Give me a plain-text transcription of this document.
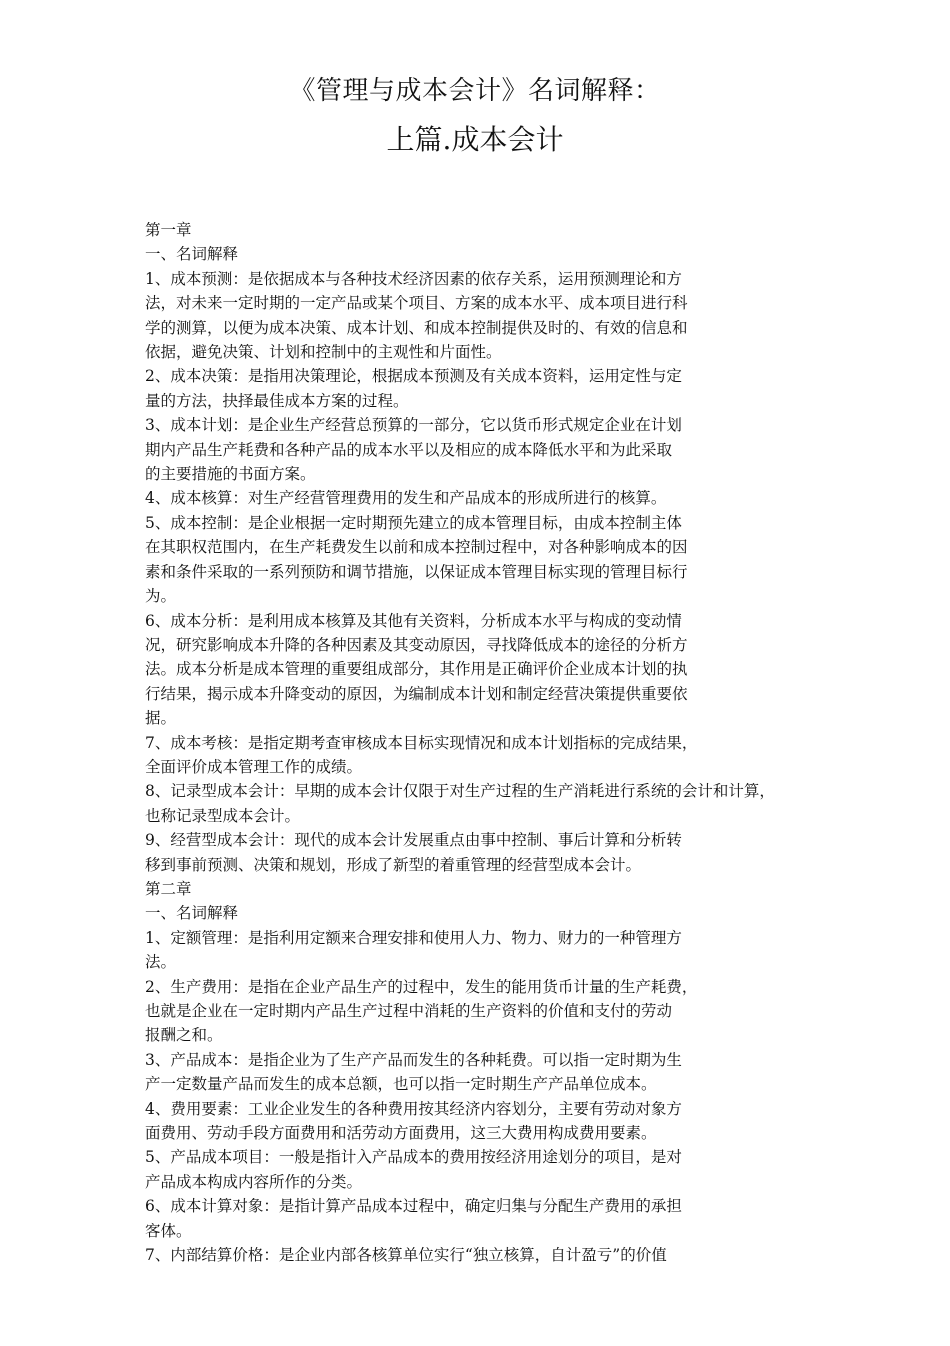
《管理与成本会计》名词解释：
上篇.成本会计
第一章
一、名词解释
1、成本预测：是依据成本与各种技术经济因素的依存关系，运用预测理论和方
法，对未来一定时期的一定产品或某个项目、方案的成本水平、成本项目进行科
学的测算，以便为成本决策、成本计划、和成本控制提供及时的、有效的信息和
依据，避免决策、计划和控制中的主观性和片面性。
2、成本决策：是指用决策理论，根据成本预测及有关成本资料，运用定性与定
量的方法，抉择最佳成本方案的过程。
3、成本计划：是企业生产经营总预算的一部分，它以货币形式规定企业在计划
期内产品生产耗费和各种产品的成本水平以及相应的成本降低水平和为此采取
的主要措施的书面方案。
4、成本核算：对生产经营管理费用的发生和产品成本的形成所进行的核算。
5、成本控制：是企业根据一定时期预先建立的成本管理目标，由成本控制主体
在其职权范围内，在生产耗费发生以前和成本控制过程中，对各种影响成本的因
素和条件采取的一系列预防和调节措施，以保证成本管理目标实现的管理目标行
为。
6、成本分析：是利用成本核算及其他有关资料，分析成本水平与构成的变动情
况，研究影响成本升降的各种因素及其变动原因，寻找降低成本的途径的分析方
法。成本分析是成本管理的重要组成部分，其作用是正确评价企业成本计划的执
行结果，揭示成本升降变动的原因，为编制成本计划和制定经营决策提供重要依
据。
7、成本考核：是指定期考查审核成本目标实现情况和成本计划指标的完成结果，
全面评价成本管理工作的成绩。
8、记录型成本会计：早期的成本会计仅限于对生产过程的生产消耗进行系统的会计和计算，
也称记录型成本会计。
9、经营型成本会计：现代的成本会计发展重点由事中控制、事后计算和分析转
移到事前预测、决策和规划，形成了新型的着重管理的经营型成本会计。
第二章
一、名词解释
1、定额管理：是指利用定额来合理安排和使用人力、物力、财力的一种管理方
法。
2、生产费用：是指在企业产品生产的过程中，发生的能用货币计量的生产耗费，
也就是企业在一定时期内产品生产过程中消耗的生产资料的价值和支付的劳动
报酬之和。
3、产品成本：是指企业为了生产产品而发生的各种耗费。可以指一定时期为生
产一定数量产品而发生的成本总额，也可以指一定时期生产产品单位成本。
4、费用要素：工业企业发生的各种费用按其经济内容划分，主要有劳动对象方
面费用、劳动手段方面费用和活劳动方面费用，这三大费用构成费用要素。
5、产品成本项目：一般是指计入产品成本的费用按经济用途划分的项目，是对
产品成本构成内容所作的分类。
6、成本计算对象：是指计算产品成本过程中，确定归集与分配生产费用的承担
客体。
7、内部结算价格：是企业内部各核算单位实行“独立核算，自计盈亏”的价值
